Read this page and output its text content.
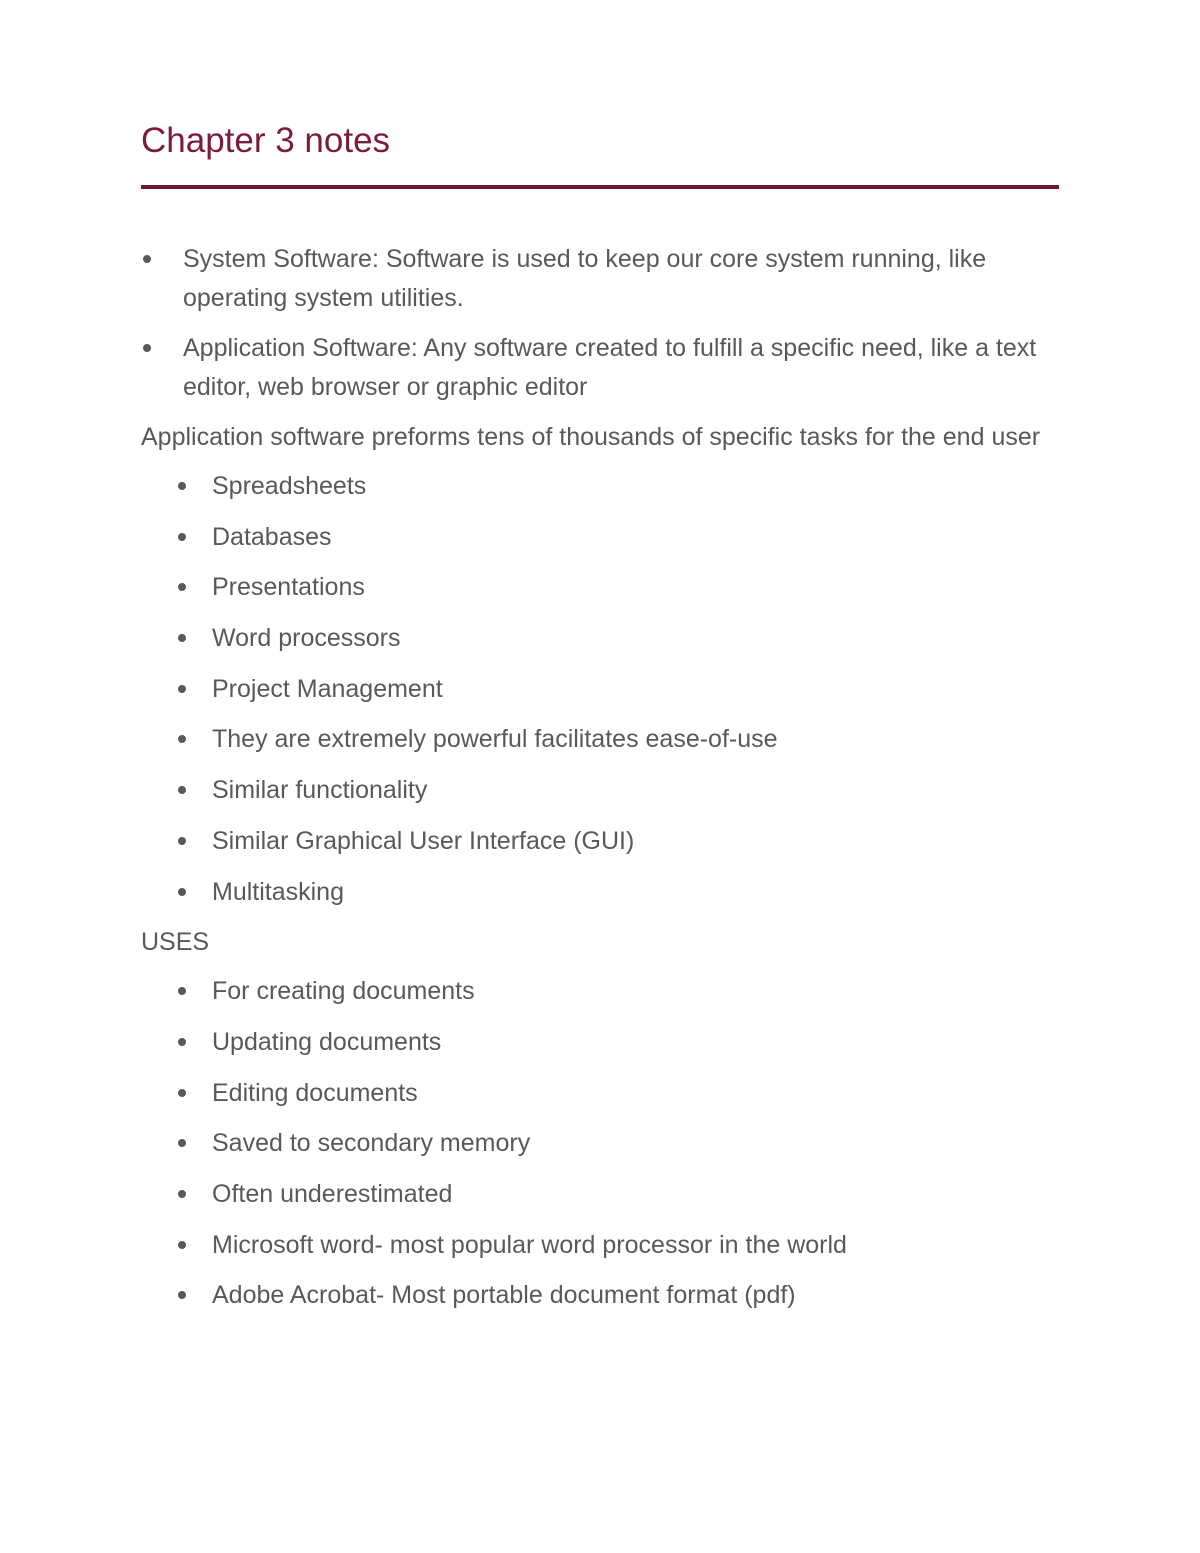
Chapter 3 notes
System Software: Software is used to keep our core system running, like operating system utilities.
Application Software: Any software created to fulfill a specific need, like a text editor, web browser or graphic editor

Application software preforms tens of thousands of specific tasks for the end user

Spreadsheets
Databases
Presentations
Word processors
Project Management
They are extremely powerful facilitates ease-of-use
Similar functionality
Similar Graphical User Interface (GUI)
Multitasking

USES

For creating documents
Updating documents
Editing documents
Saved to secondary memory
Often underestimated
Microsoft word- most popular word processor in the world
Adobe Acrobat- Most portable document format (pdf)
